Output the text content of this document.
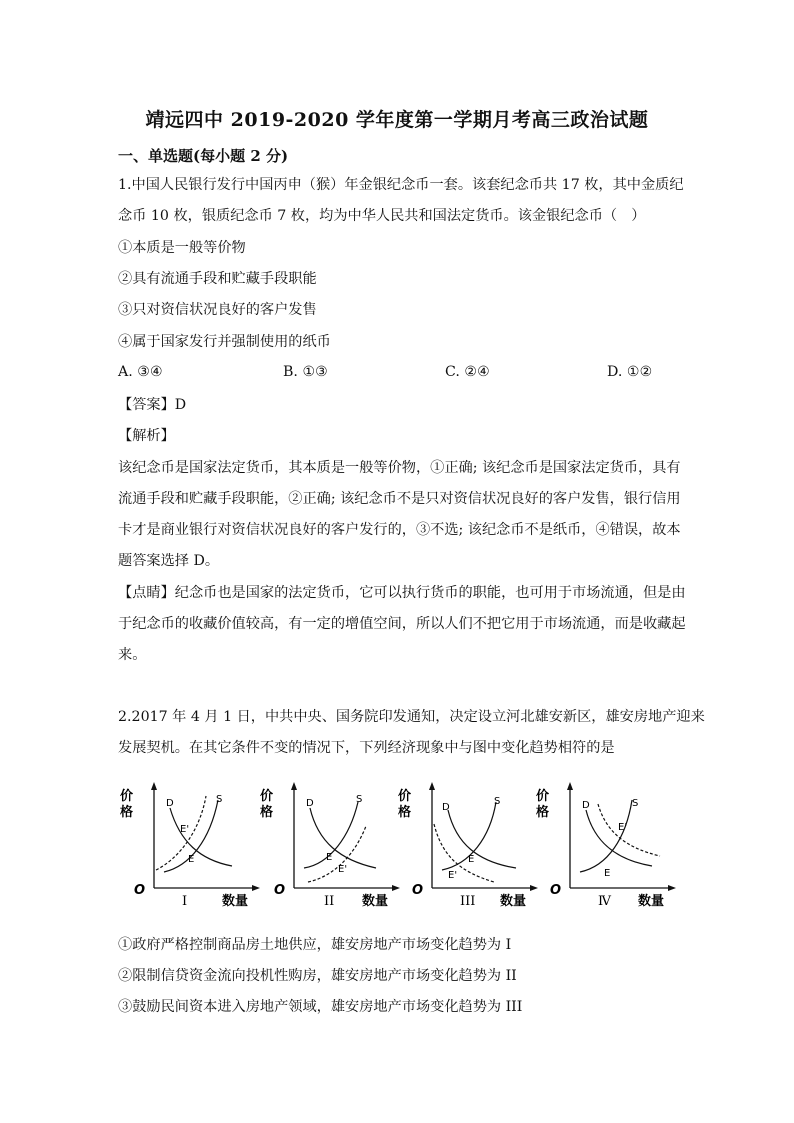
靖远四中 2019-2020 学年度第一学期月考高三政治试题
一、单选题(每小题 2 分)
1.中国人民银行发行中国丙申（猴）年金银纪念币一套。该套纪念币共 17 枚，其中金质纪
念币 10 枚，银质纪念币 7 枚，均为中华人民共和国法定货币。该金银纪念币（　）
①本质是一般等价物
②具有流通手段和贮藏手段职能
③只对资信状况良好的客户发售
④属于国家发行并强制使用的纸币
A. ③④	B. ①③	C. ②④	D. ①②
【答案】D
【解析】
该纪念币是国家法定货币，其本质是一般等价物，①正确; 该纪念币是国家法定货币，具有
流通手段和贮藏手段职能，②正确; 该纪念币不是只对资信状况良好的客户发售，银行信用
卡才是商业银行对资信状况良好的客户发行的，③不选; 该纪念币不是纸币，④错误，故本
题答案选择 D。
【点睛】纪念币也是国家的法定货币，它可以执行货币的职能，也可用于市场流通，但是由
于纪念币的收藏价值较高，有一定的增值空间，所以人们不把它用于市场流通，而是收藏起
来。
2.2017 年 4 月 1 日，中共中央、国务院印发通知，决定设立河北雄安新区，雄安房地产迎来
发展契机。在其它条件不变的情况下，下列经济现象中与图中变化趋势相符的是
价
格
O
I	数量
D	S
E'
E
价
格
O
II 数量
D	S
E
E'
价
格
O
III 数量
D
S
E
E'
价
格
O
Ⅳ 数量
D	S
E'
E
①政府严格控制商品房土地供应，雄安房地产市场变化趋势为 I
②限制信贷资金流向投机性购房，雄安房地产市场变化趋势为 II
③鼓励民间资本进入房地产领域，雄安房地产市场变化趋势为 III
